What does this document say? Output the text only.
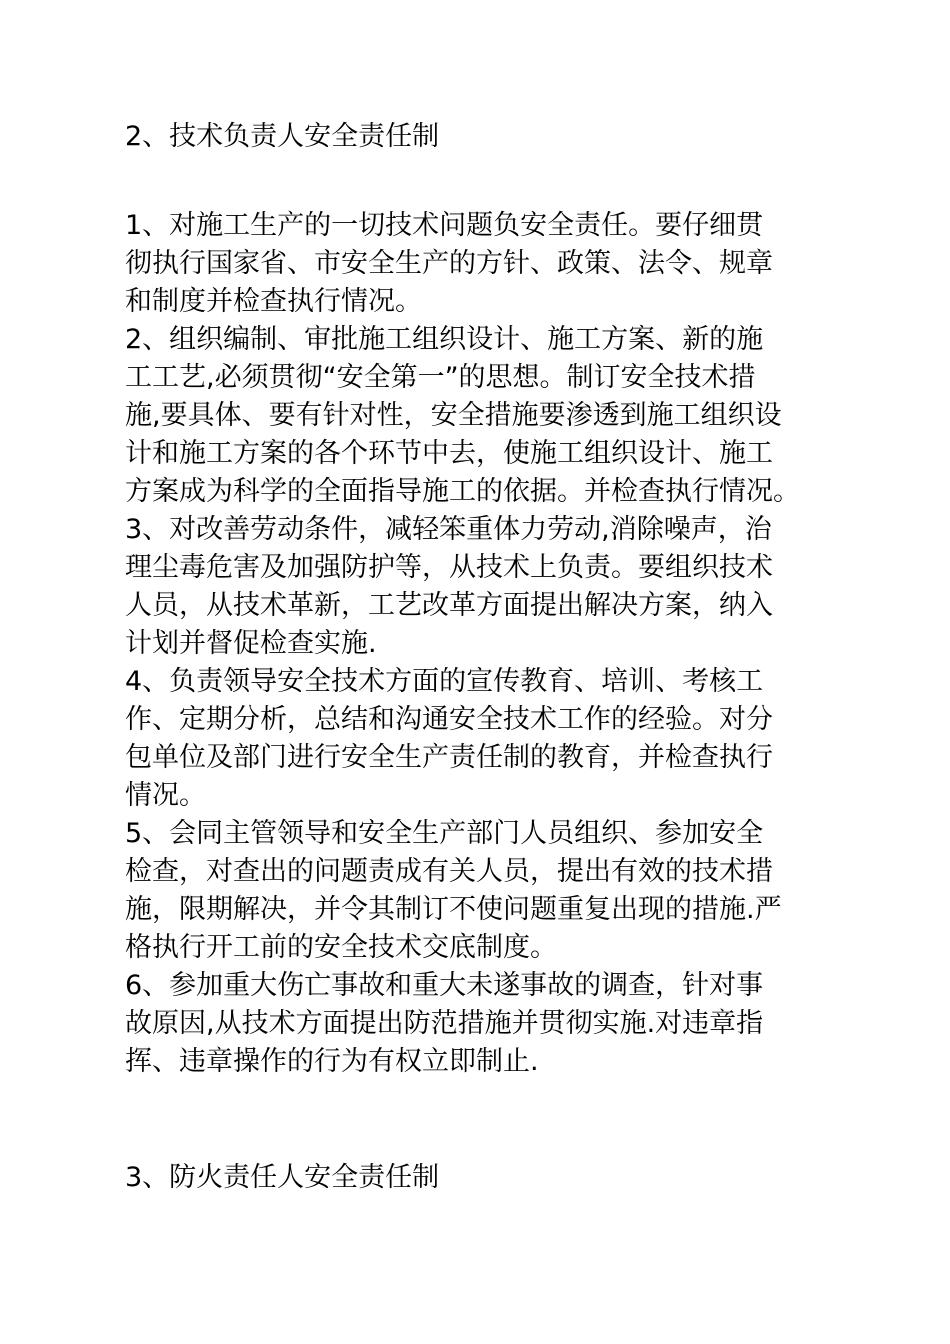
2、技术负责人安全责任制
1、对施工生产的一切技术问题负安全责任。要仔细贯
彻执行国家省、市安全生产的方针、政策、法令、规章
和制度并检查执行情况。
2、组织编制、审批施工组织设计、施工方案、新的施
工工艺,必须贯彻“安全第一”的思想。制订安全技术措
施,要具体、要有针对性，安全措施要渗透到施工组织设
计和施工方案的各个环节中去，使施工组织设计、施工
方案成为科学的全面指导施工的依据。并检查执行情况。
3、对改善劳动条件，减轻笨重体力劳动,消除噪声，治
理尘毒危害及加强防护等，从技术上负责。要组织技术
人员，从技术革新，工艺改革方面提出解决方案，纳入
计划并督促检查实施.
4、负责领导安全技术方面的宣传教育、培训、考核工
作、定期分析，总结和沟通安全技术工作的经验。对分
包单位及部门进行安全生产责任制的教育，并检查执行
情况。
5、会同主管领导和安全生产部门人员组织、参加安全
检查，对查出的问题责成有关人员，提出有效的技术措
施，限期解决，并令其制订不使问题重复出现的措施.严
格执行开工前的安全技术交底制度。
6、参加重大伤亡事故和重大未遂事故的调查，针对事
故原因,从技术方面提出防范措施并贯彻实施.对违章指
挥、违章操作的行为有权立即制止.
3、防火责任人安全责任制
